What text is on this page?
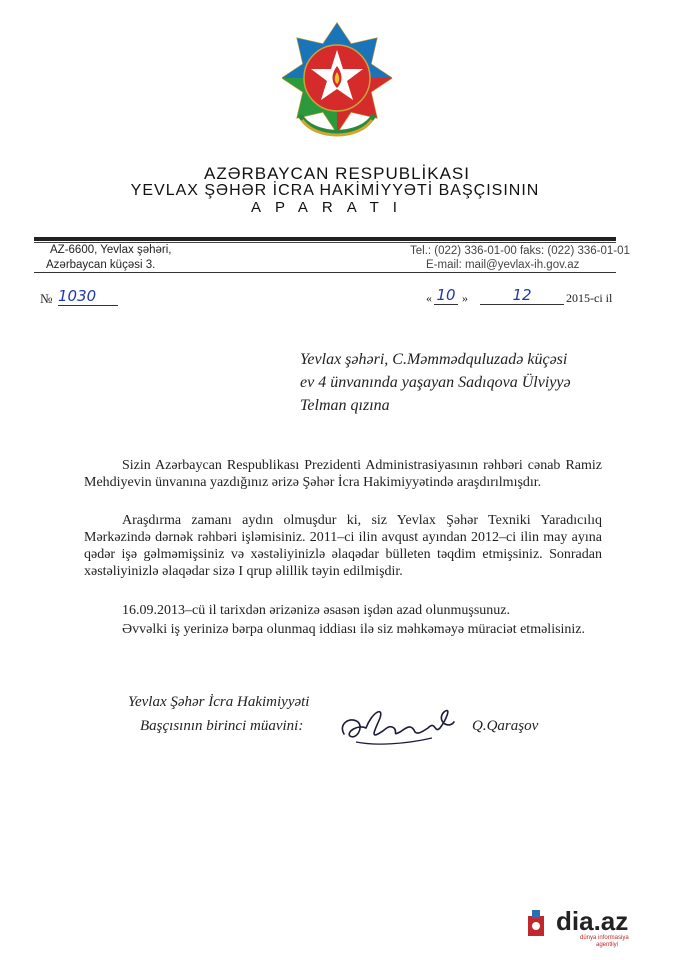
AZƏRBAYCAN RESPUBLİKASI
YEVLAX ŞƏHƏR İCRA HAKİMİYYƏTİ BAŞÇISININ
APARATI
AZ-6600, Yevlax şəhəri,
Azərbaycan küçəsi 3.
Tel.: (022) 336-01-00 faks: (022) 336-01-01
E-mail: mail@yevlax-ih.gov.az
№ 1030	« 10 »	12	2015-ci il
Yevlax şəhəri, C.Məmmədquluzadə küçəsi
ev 4 ünvanında yaşayan Sadıqova Ülviyyə
Telman qızına
Sizin Azərbaycan Respublikası Prezidenti Administrasiyasının rəhbəri cənab Ramiz Mehdiyevin ünvanına yazdığınız ərizə Şəhər İcra Hakimiyyətində araşdırılmışdır.
Araşdırma zamanı aydın olmuşdur ki, siz Yevlax Şəhər Texniki Yaradıcılıq Mərkəzində dərnək rəhbəri işləmisiniz. 2011–ci ilin avqust ayından 2012–ci ilin may ayına qədər işə gəlməmişsiniz və xəstəliyinizlə əlaqədar bülleten təqdim etmişsiniz. Sonradan xəstəliyinizlə əlaqədar sizə I qrup əlillik təyin edilmişdir.
16.09.2013–cü il tarixdən ərizənizə əsasən işdən azad olunmuşsunuz.
Əvvəlki iş yerinizə bərpa olunmaq iddiası ilə siz məhkəməyə müraciət etməlisiniz.
Yevlax Şəhər İcra Hakimiyyəti
Başçısının birinci müavini:	Q.Qaraşov
dia.az
dünya informasiya
agentliyi
